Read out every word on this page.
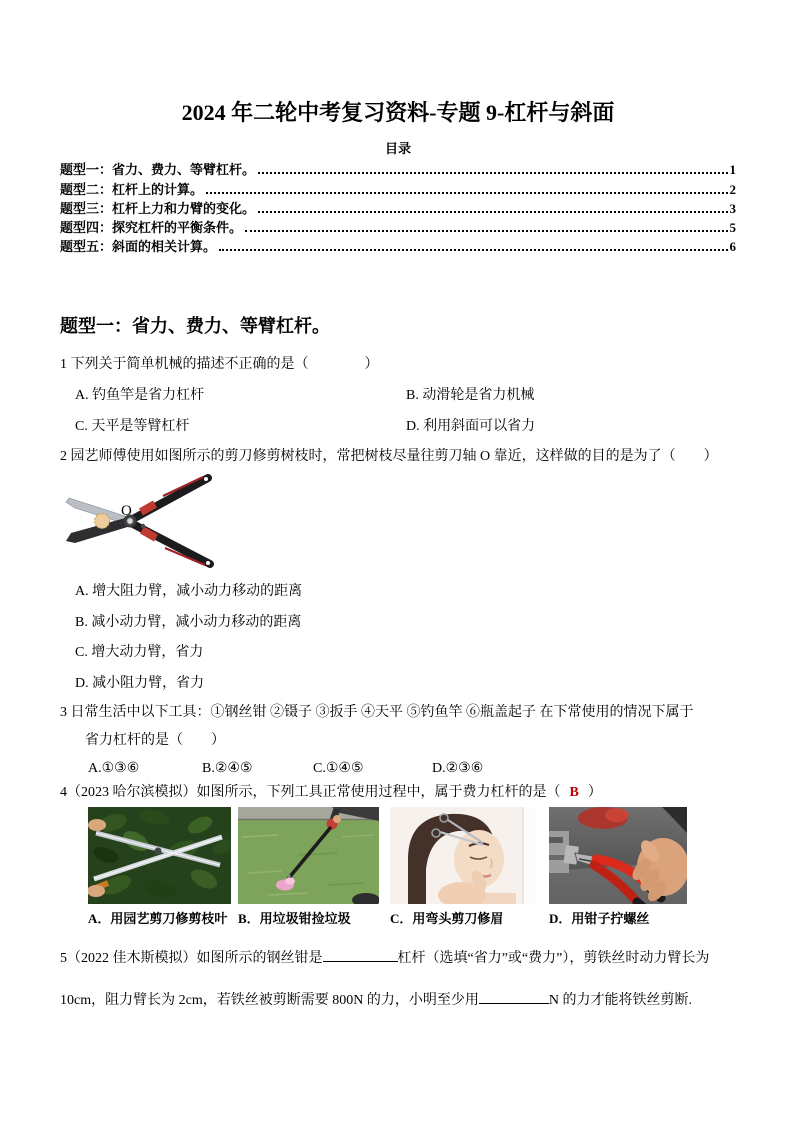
2024 年二轮中考复习资料-专题 9-杠杆与斜面
目录
题型一：省力、费力、等臂杠杆。	1
题型二：杠杆上的计算。	2
题型三：杠杆上力和力臂的变化。	3
题型四：探究杠杆的平衡条件。	5
题型五：斜面的相关计算。	6
题型一：省力、费力、等臂杠杆。
1 下列关于简单机械的描述不正确的是（　　　　）
A. 钓鱼竿是省力杠杆	B. 动滑轮是省力机械
C. 天平是等臂杠杆	D. 利用斜面可以省力
2 园艺师傅使用如图所示的剪刀修剪树枝时，常把树枝尽量往剪刀轴 O 靠近，这样做的目的是为了（　　）
O
A. 增大阻力臂，减小动力移动的距离
B. 减小动力臂，减小动力移动的距离
C. 增大动力臂，省力
D. 减小阻力臂，省力
3 日常生活中以下工具：①钢丝钳 ②镊子 ③扳手 ④天平 ⑤钓鱼竿 ⑥瓶盖起子 在下常使用的情况下属于
省力杠杆的是（　　）
A.①③⑥	B.②④⑤	C.①④⑤	D.②③⑥
4（2023 哈尔滨模拟）如图所示，下列工具正常使用过程中，属于费力杠杆的是（ B ）
A．用园艺剪刀修剪枝叶 B．用垃圾钳捡垃圾	C．用弯头剪刀修眉	D．用钳子拧螺丝
5（2022 佳木斯模拟）如图所示的钢丝钳是	杠杆（选填“省力”或“费力”），剪铁丝时动力臂长为
10cm，阻力臂长为 2cm，若铁丝被剪断需要 800N 的力，小明至少用	N 的力才能将铁丝剪断.
